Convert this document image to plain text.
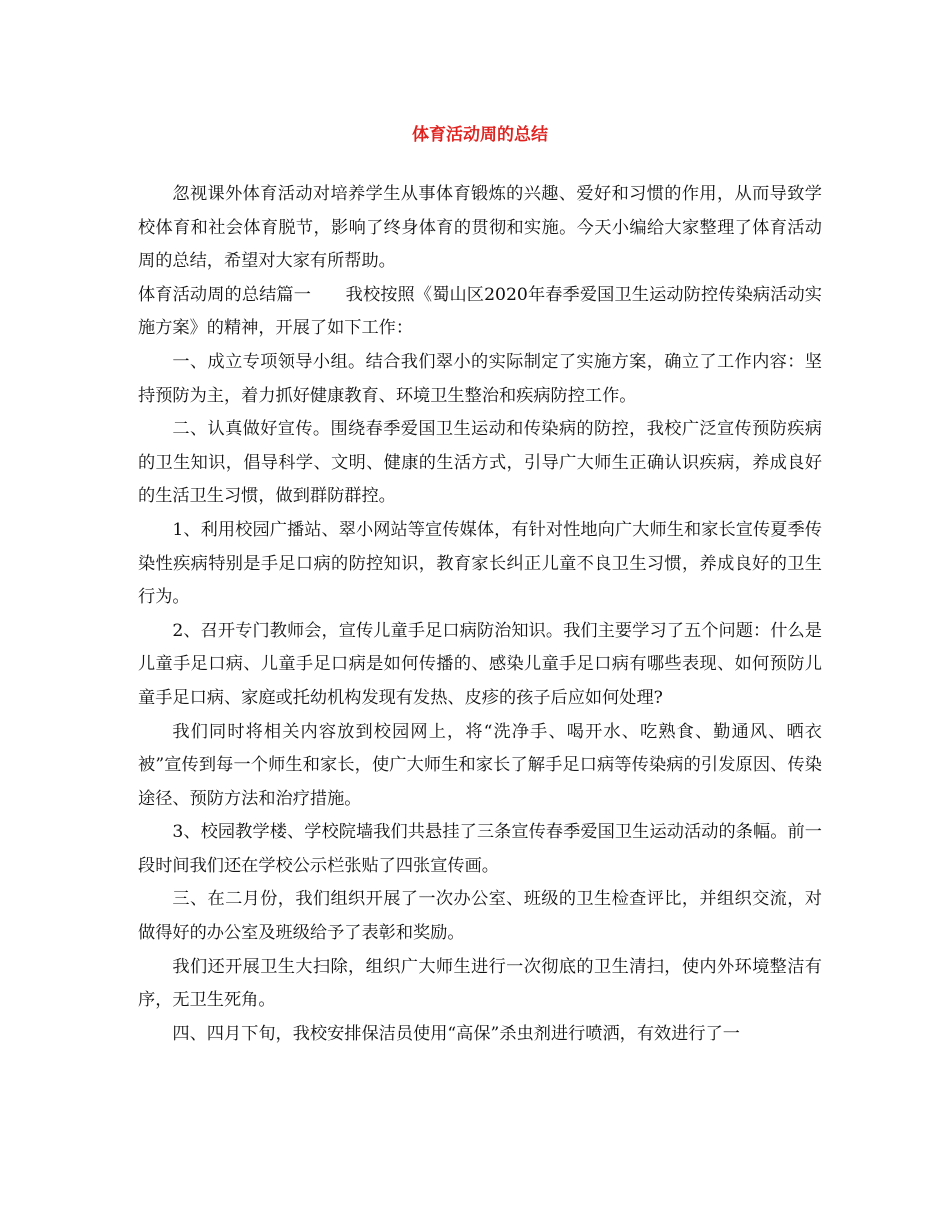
体育活动周的总结

忽视课外体育活动对培养学生从事体育锻炼的兴趣、爱好和习惯的作用，从而导致学校体育和社会体育脱节，影响了终身体育的贯彻和实施。今天小编给大家整理了体育活动周的总结，希望对大家有所帮助。

体育活动周的总结篇一　　我校按照《蜀山区2020年春季爱国卫生运动防控传染病活动实施方案》的精神，开展了如下工作：

一、成立专项领导小组。结合我们翠小的实际制定了实施方案，确立了工作内容：坚持预防为主，着力抓好健康教育、环境卫生整治和疾病防控工作。

二、认真做好宣传。围绕春季爱国卫生运动和传染病的防控，我校广泛宣传预防疾病的卫生知识，倡导科学、文明、健康的生活方式，引导广大师生正确认识疾病，养成良好的生活卫生习惯，做到群防群控。

1、利用校园广播站、翠小网站等宣传媒体，有针对性地向广大师生和家长宣传夏季传染性疾病特别是手足口病的防控知识，教育家长纠正儿童不良卫生习惯，养成良好的卫生行为。

2、召开专门教师会，宣传儿童手足口病防治知识。我们主要学习了五个问题：什么是儿童手足口病、儿童手足口病是如何传播的、感染儿童手足口病有哪些表现、如何预防儿童手足口病、家庭或托幼机构发现有发热、皮疹的孩子后应如何处理?

我们同时将相关内容放到校园网上，将“洗净手、喝开水、吃熟食、勤通风、晒衣被”宣传到每一个师生和家长，使广大师生和家长了解手足口病等传染病的引发原因、传染途径、预防方法和治疗措施。

3、校园教学楼、学校院墙我们共悬挂了三条宣传春季爱国卫生运动活动的条幅。前一段时间我们还在学校公示栏张贴了四张宣传画。

三、在二月份，我们组织开展了一次办公室、班级的卫生检查评比，并组织交流，对做得好的办公室及班级给予了表彰和奖励。

我们还开展卫生大扫除，组织广大师生进行一次彻底的卫生清扫，使内外环境整洁有序，无卫生死角。

四、四月下旬，我校安排保洁员使用“高保”杀虫剂进行喷洒，有效进行了一
